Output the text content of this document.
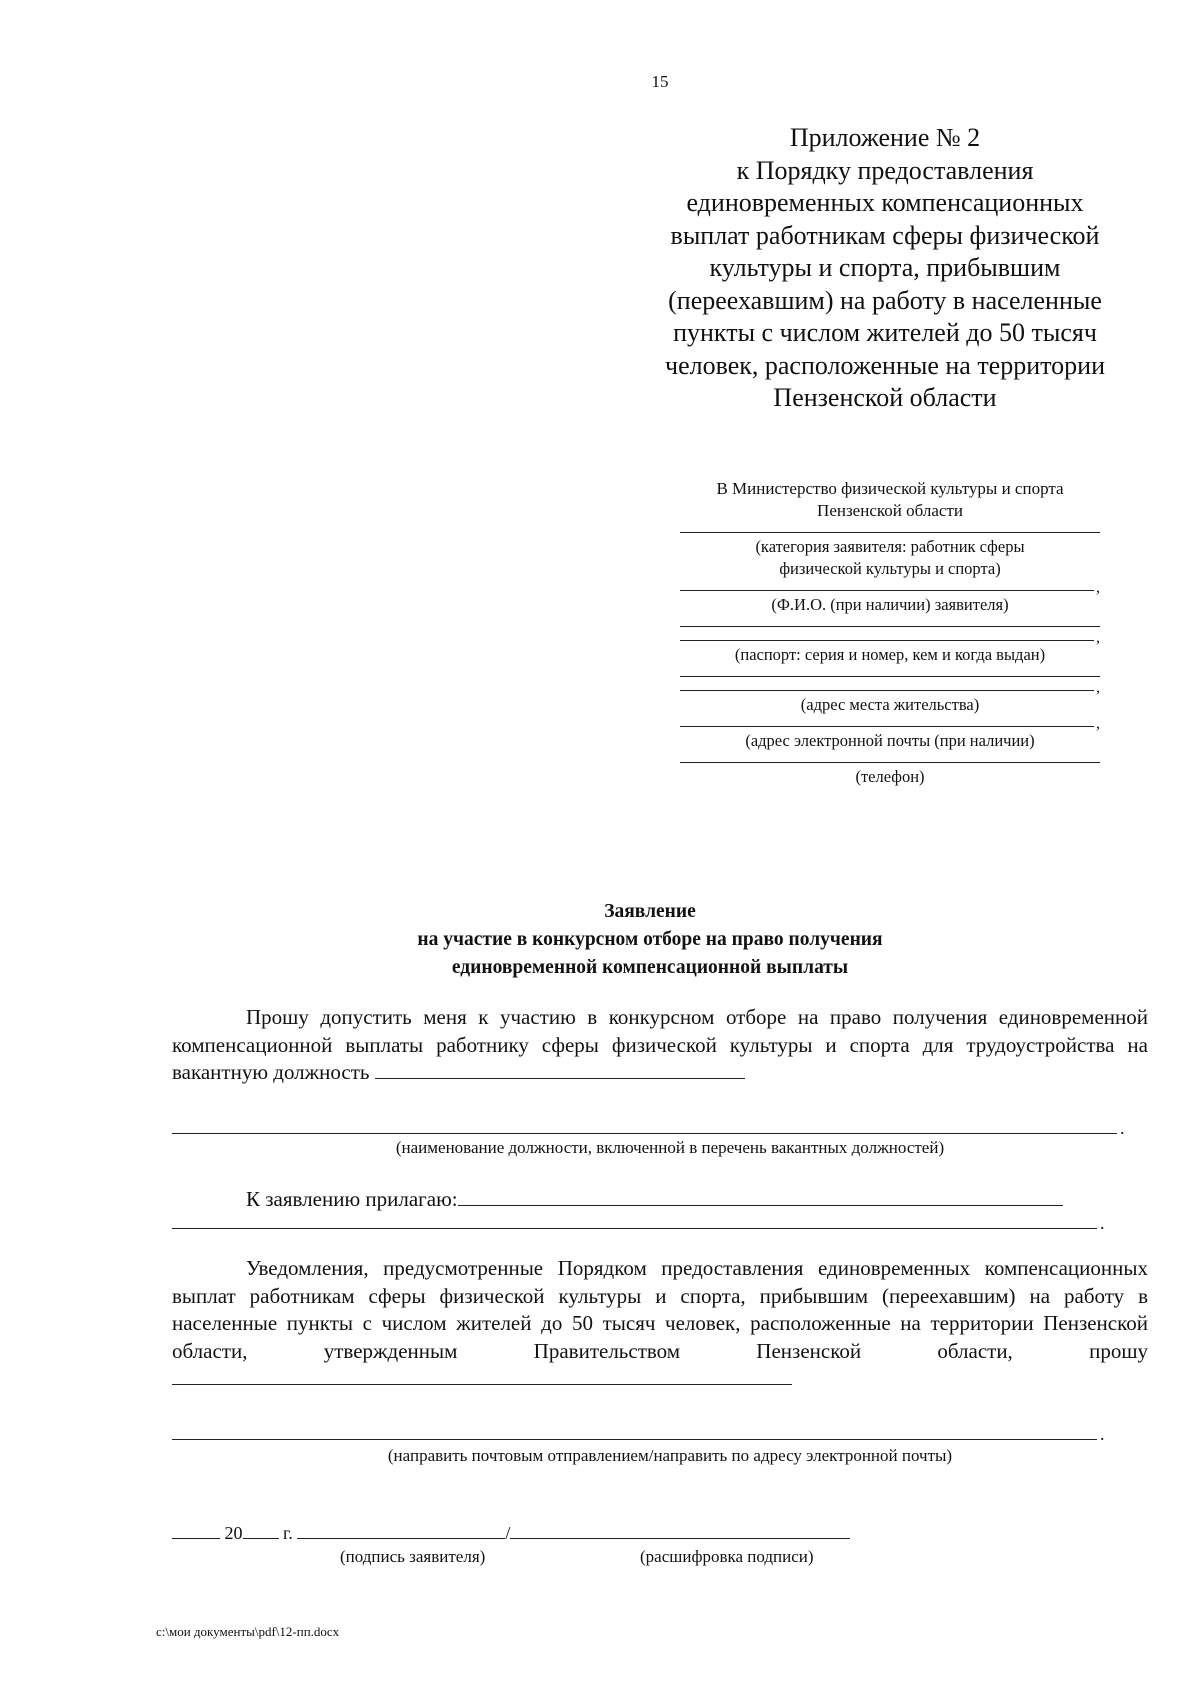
15
Приложение № 2
к Порядку предоставления
единовременных компенсационных
выплат работникам сферы физической
культуры и спорта, прибывшим
(переехавшим) на работу в населенные
пункты с числом жителей до 50 тысяч
человек, расположенные на территории
Пензенской области
В Министерство физической культуры и спорта
Пензенской области
(категория заявителя: работник сферы
физической культуры и спорта)
,
(Ф.И.О. (при наличии) заявителя)
,
(паспорт: серия и номер, кем и когда выдан)
,
(адрес места жительства)
,
(адрес электронной почты (при наличии)
(телефон)
Заявление
на участие в конкурсном отборе на право получения
единовременной компенсационной выплаты
Прошу допустить меня к участию в конкурсном отборе на право получения единовременной компенсационной выплаты работнику сферы физической культуры и спорта для трудоустройства на вакантную должность
.
(наименование должности, включенной в перечень вакантных должностей)
К заявлению прилагаю:
.
Уведомления, предусмотренные Порядком предоставления единовременных компенсационных выплат работникам сферы физической культуры и спорта, прибывшим (переехавшим) на работу в населенные пункты с числом жителей до 50 тысяч человек, расположенные на территории Пензенской области, утвержденным Правительством Пензенской области, прошу
.
(направить почтовым отправлением/направить по адресу электронной почты)
20 г.	/
(подпись заявителя)	(расшифровка подписи)
c:\мои документы\pdf\12-пп.docx
